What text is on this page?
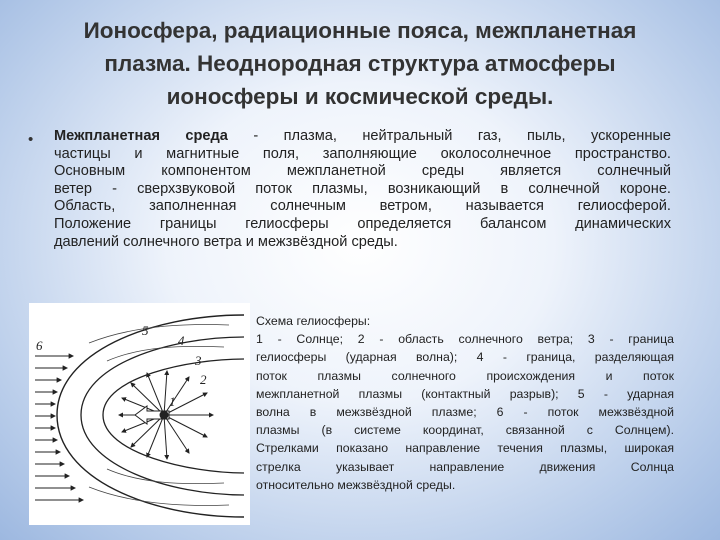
Ионосфера, радиационные пояса, межпланетная
плазма. Неоднородная структура атмосферы
ионосферы и космической среды.
• Межпланетная среда - плазма, нейтральный газ, пыль, ускоренные
частицы и магнитные поля, заполняющие околосолнечное пространство.
Основным компонентом межпланетной среды является солнечный
ветер - сверхзвуковой поток плазмы, возникающий в солнечной короне.
Область, заполненная солнечным ветром, называется гелиосферой.
Положение границы гелиосферы определяется балансом динамических
давлений солнечного ветра и межзвёздной среды.
6
5
4
3
2
1
Схема гелиосферы:
1 - Солнце; 2 - область солнечного ветра; 3 - граница
гелиосферы (ударная волна); 4 - граница, разделяющая
поток плазмы солнечного происхождения и поток
межпланетной плазмы (контактный разрыв); 5 - ударная
волна в межзвёздной плазме; 6 - поток межзвёздной
плазмы (в системе координат, связанной с Солнцем).
Стрелками показано направление течения плазмы, широкая
стрелка указывает направление движения Солнца
относительно межзвёздной среды.
